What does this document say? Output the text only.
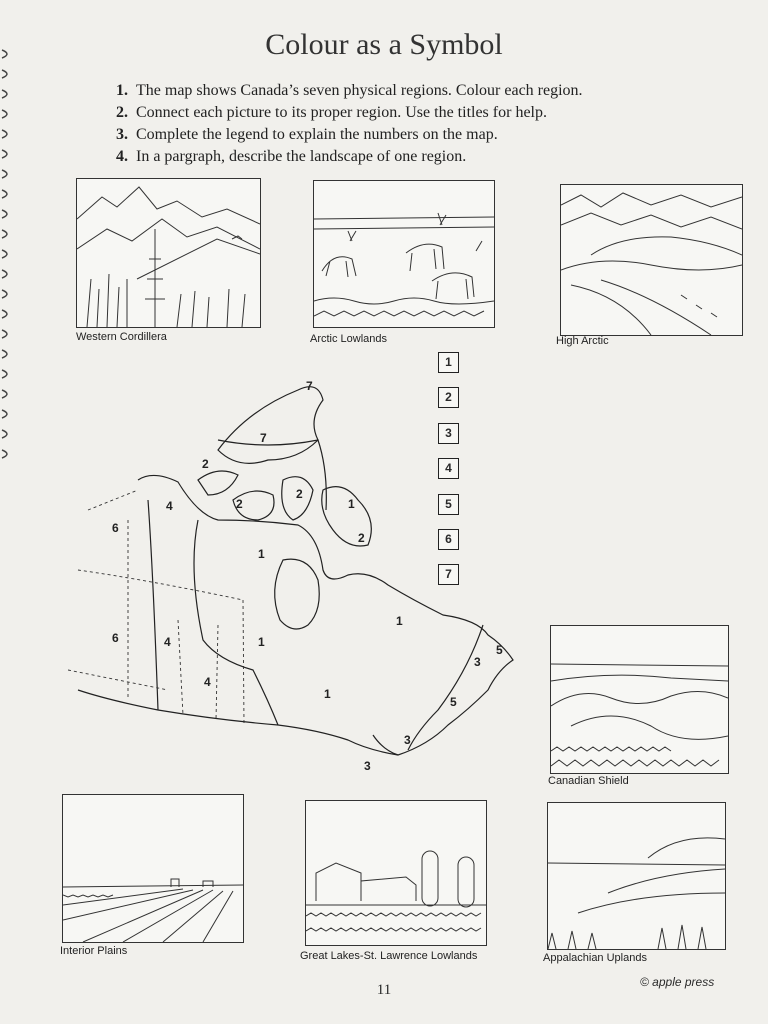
Colour as a Symbol
1. The map shows Canada’s seven physical regions. Colour each region.
2. Connect each picture to its proper region. Use the titles for help.
3. Complete the legend to explain the numbers on the map.
4. In a pargraph, describe the landscape of one region.
Western Cordillera	Arctic Lowlands	High Arctic
1
2
3
4
5
6
7
7
7
2
2
2
1
2
4
6
1
1
6	4	1
4
1
5
3
5
3
3
Canadian Shield
Interior Plains	Great Lakes-St. Lawrence Lowlands	Appalachian Uplands
© apple press
11
